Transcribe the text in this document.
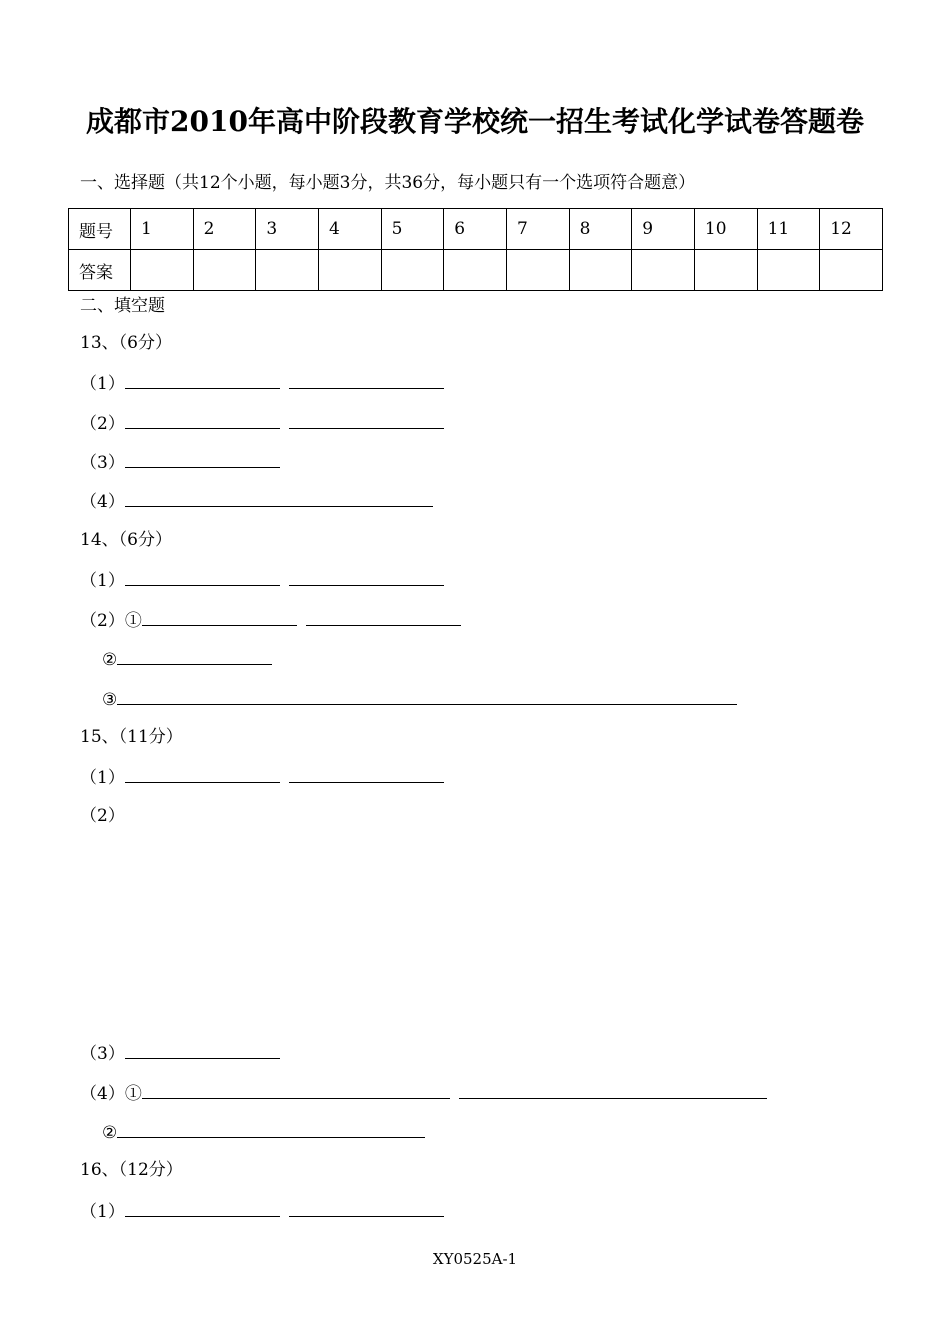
成都市2010年高中阶段教育学校统一招生考试化学试卷答题卷
一、选择题（共12个小题，每小题3分，共36分，每小题只有一个选项符合题意）
题号	1	2	3	4	5	6	7	8	9	10	11	12
答案												
二、填空题
13、（6分）
（1）
（2）
（3）
（4）
14、（6分）
（1）
（2）①
②
③
15、（11分）
（1）
（2）
（3）
（4）①
②
16、（12分）
（1）
XY0525A-1
